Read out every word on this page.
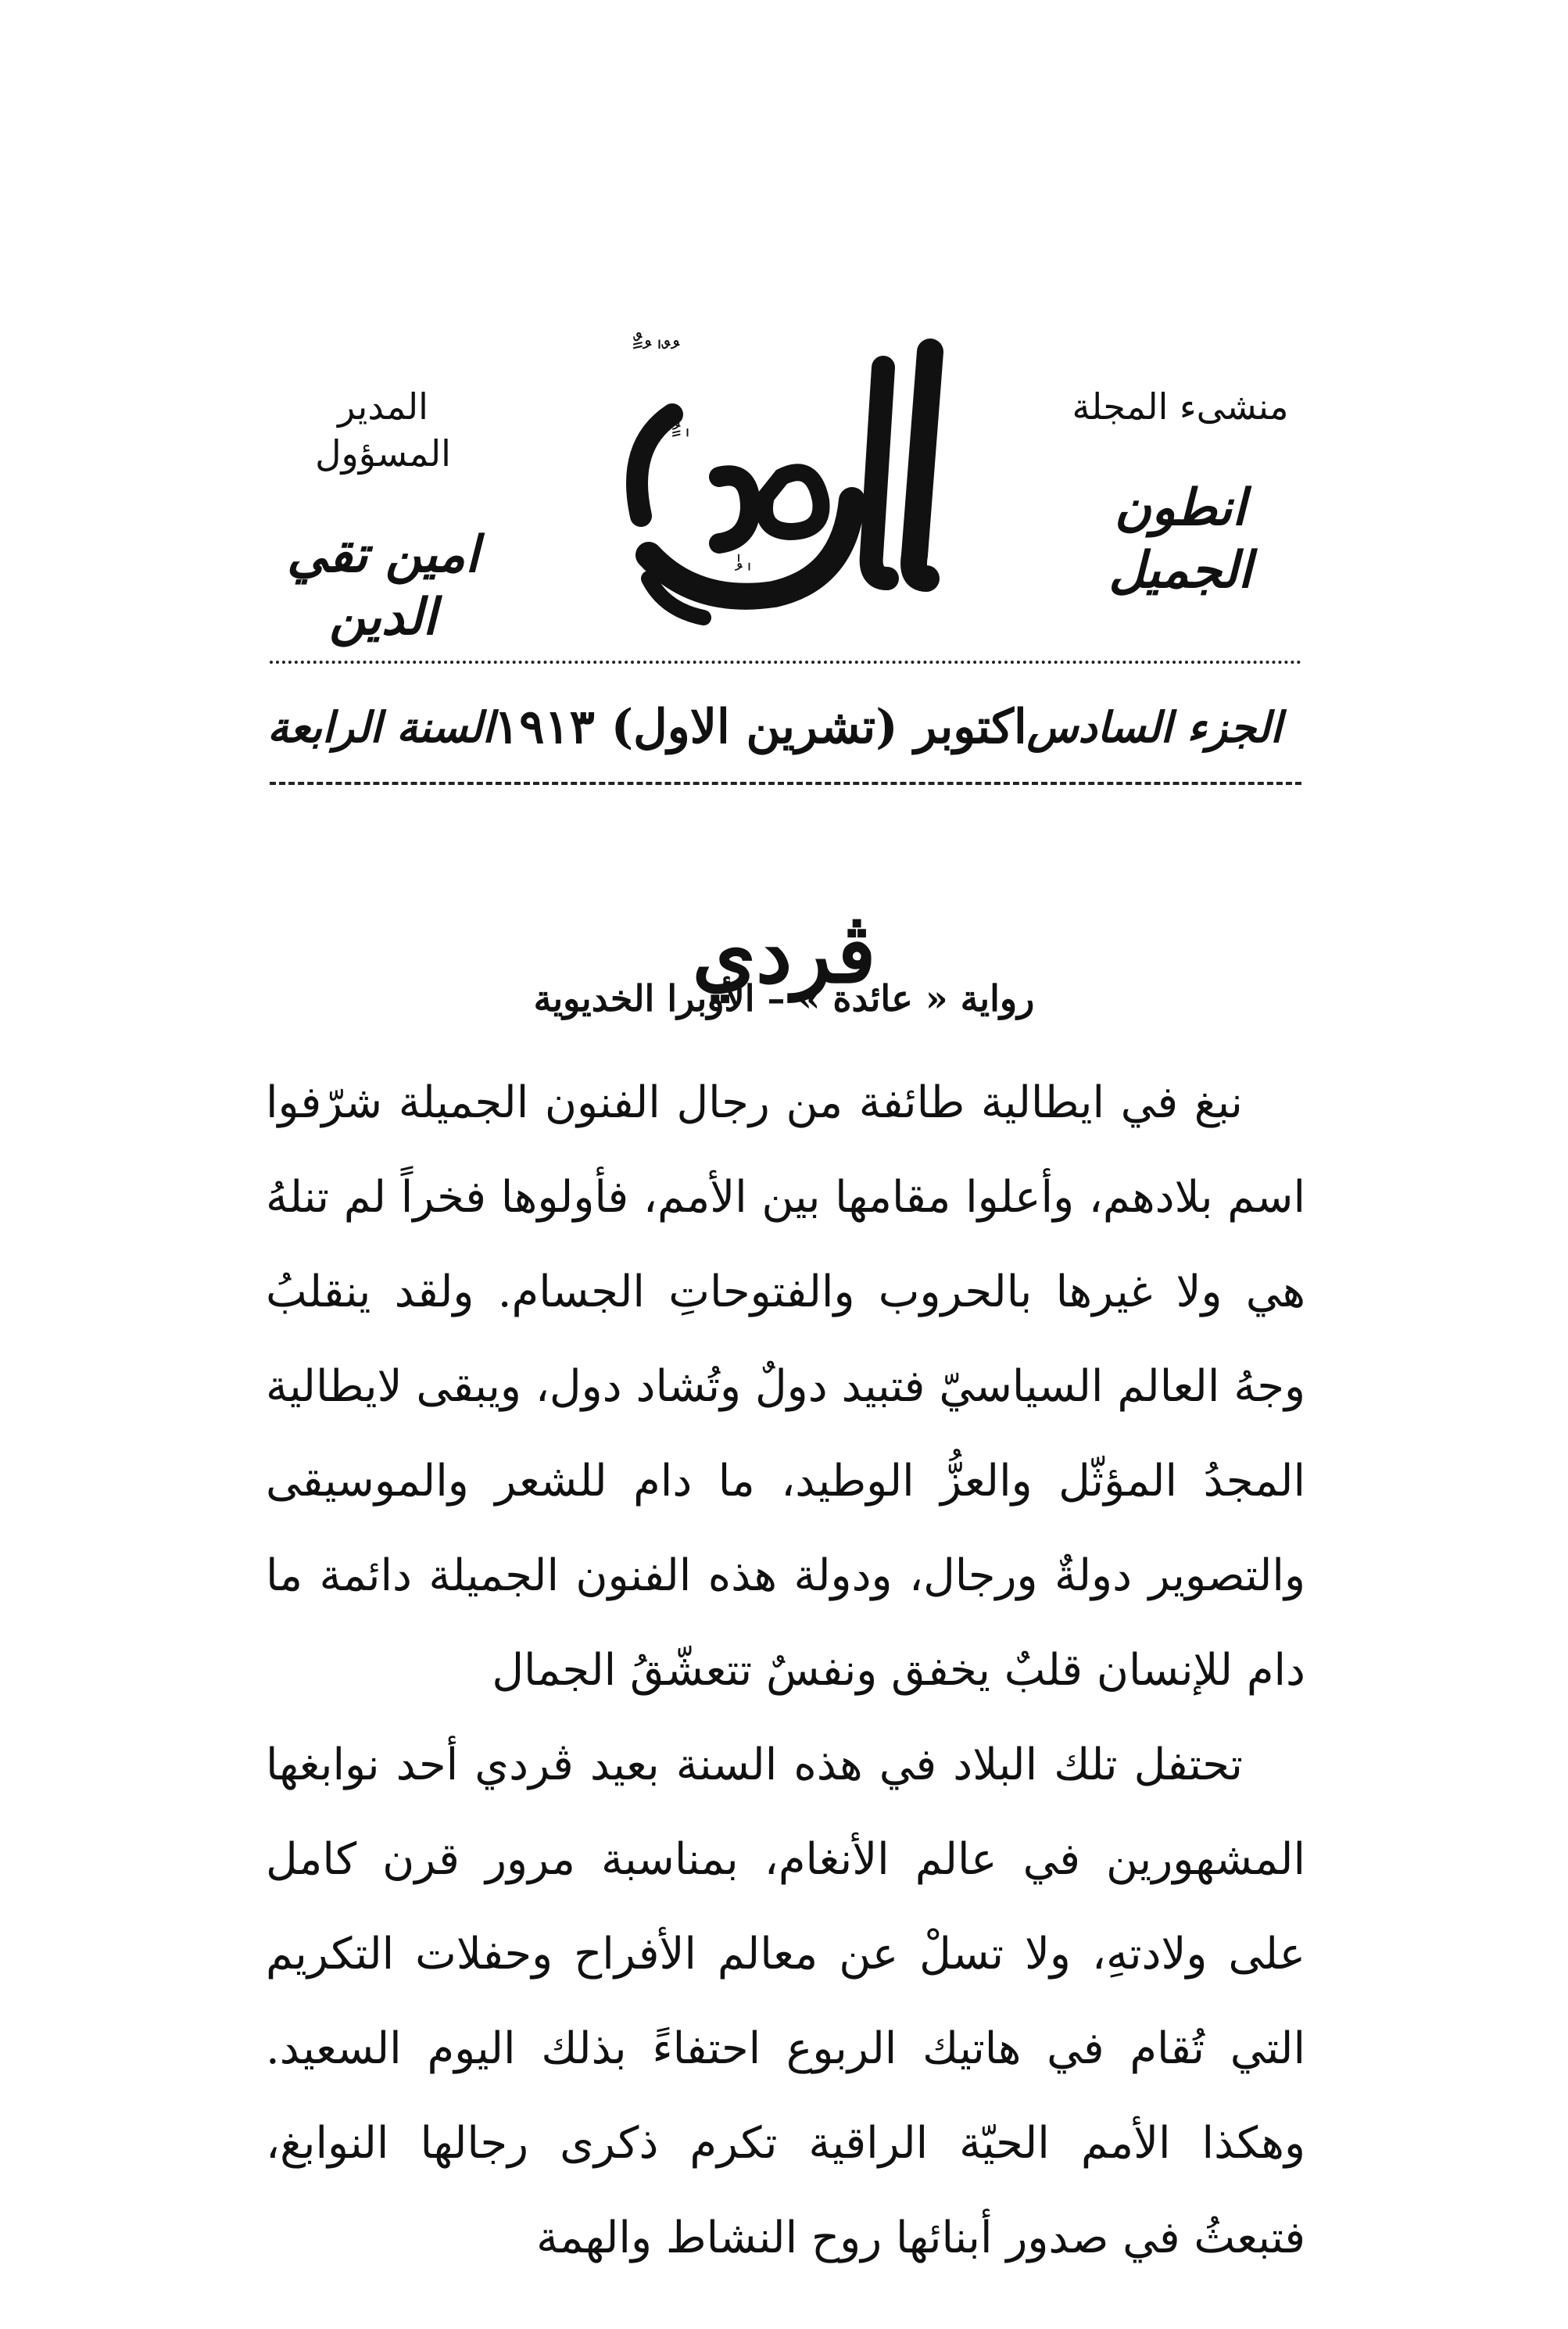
منشىء المجلة
انطون الجميل
ٌ ً ُ ٰ ٌ ُ
ُ ً ٰ
ٰ ُ ٰ
المدير المسؤول
امين تقي الدين
الجزء السادس
اكتوبر (تشرين الاول) ١٩١٣
السنة الرابعة
ڤردي
رواية « عائدة » – الأوبرا الخديوية

نبغ في ايطالية طائفة من رجال الفنون الجميلة شرّفوا اسم بلادهم، وأعلوا مقامها بين الأمم، فأولوها فخراً لم تنلهُ هي ولا غيرها بالحروب والفتوحاتِ الجسام. ولقد ينقلبُ وجهُ العالم السياسيّ فتبيد دولٌ وتُشاد دول، ويبقى لايطالية المجدُ المؤثّل والعزُّ الوطيد، ما دام للشعر والموسيقى والتصوير دولةٌ ورجال، ودولة هذه الفنون الجميلة دائمة ما دام للإنسان قلبٌ يخفق ونفسٌ تتعشّقُ الجمال

تحتفل تلك البلاد في هذه السنة بعيد ڤردي أحد نوابغها المشهورين في عالم الأنغام، بمناسبة مرور قرن كامل على ولادتهِ، ولا تسلْ عن معالم الأفراح وحفلات التكريم التي تُقام في هاتيك الربوع احتفاءً بذلك اليوم السعيد. وهكذا الأمم الحيّة الراقية تكرم ذكرى رجالها النوابغ، فتبعثُ في صدور أبنائها روح النشاط والهمة
